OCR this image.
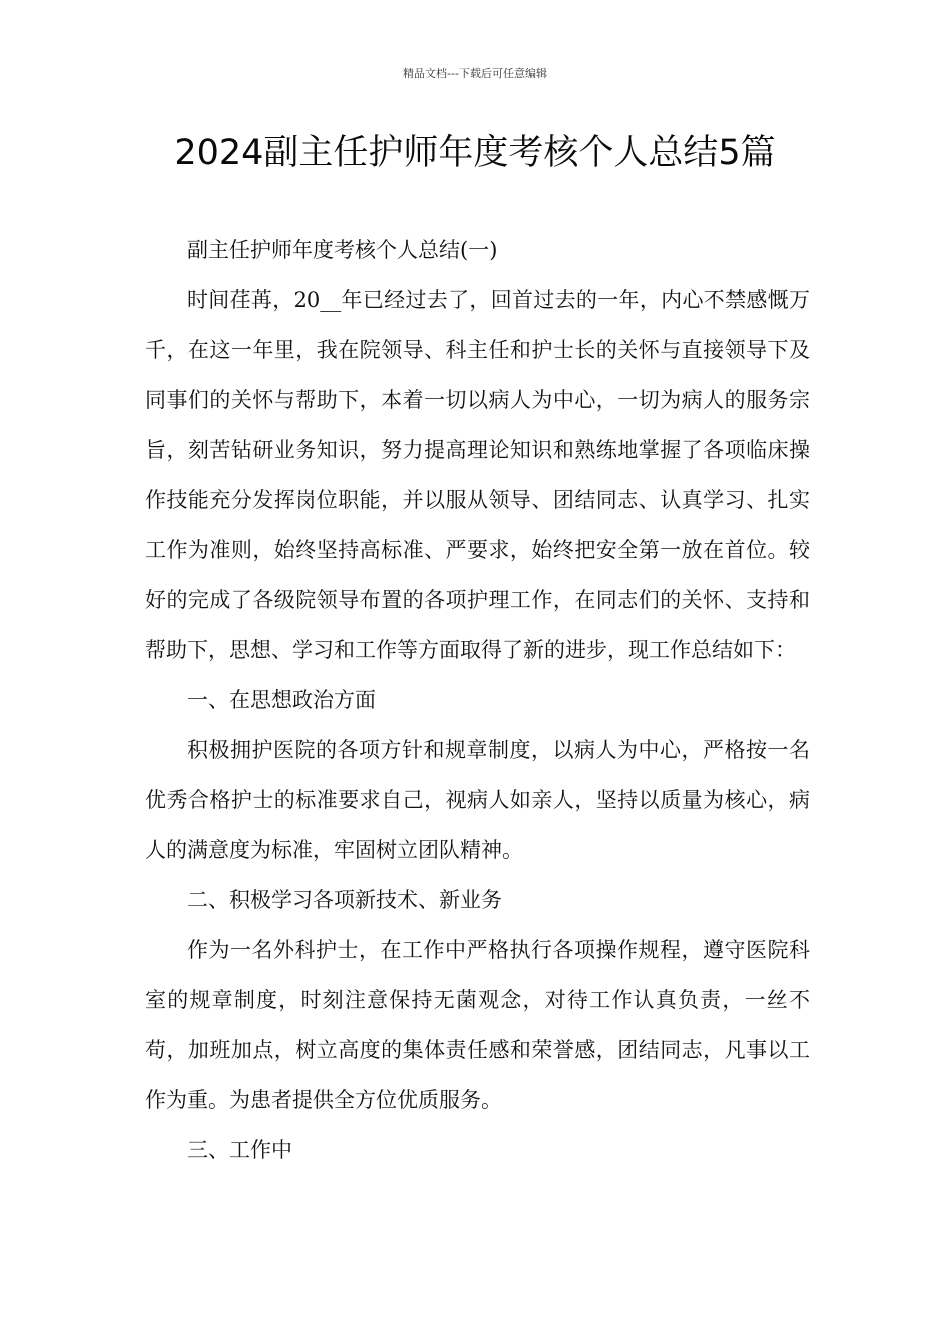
精品文档---下载后可任意编辑
2024副主任护师年度考核个人总结5篇

副主任护师年度考核个人总结(一)

时间荏苒，20__年已经过去了，回首过去的一年，内心不禁感慨万千，在这一年里，我在院领导、科主任和护士长的关怀与直接领导下及同事们的关怀与帮助下，本着一切以病人为中心，一切为病人的服务宗旨，刻苦钻研业务知识，努力提高理论知识和熟练地掌握了各项临床操作技能充分发挥岗位职能，并以服从领导、团结同志、认真学习、扎实工作为准则，始终坚持高标准、严要求，始终把安全第一放在首位。较好的完成了各级院领导布置的各项护理工作，在同志们的关怀、支持和帮助下，思想、学习和工作等方面取得了新的进步，现工作总结如下：

一、在思想政治方面

积极拥护医院的各项方针和规章制度，以病人为中心，严格按一名优秀合格护士的标准要求自己，视病人如亲人，坚持以质量为核心，病人的满意度为标准，牢固树立团队精神。

二、积极学习各项新技术、新业务

作为一名外科护士，在工作中严格执行各项操作规程，遵守医院科室的规章制度，时刻注意保持无菌观念，对待工作认真负责，一丝不苟，加班加点，树立高度的集体责任感和荣誉感，团结同志，凡事以工作为重。为患者提供全方位优质服务。

三、工作中
